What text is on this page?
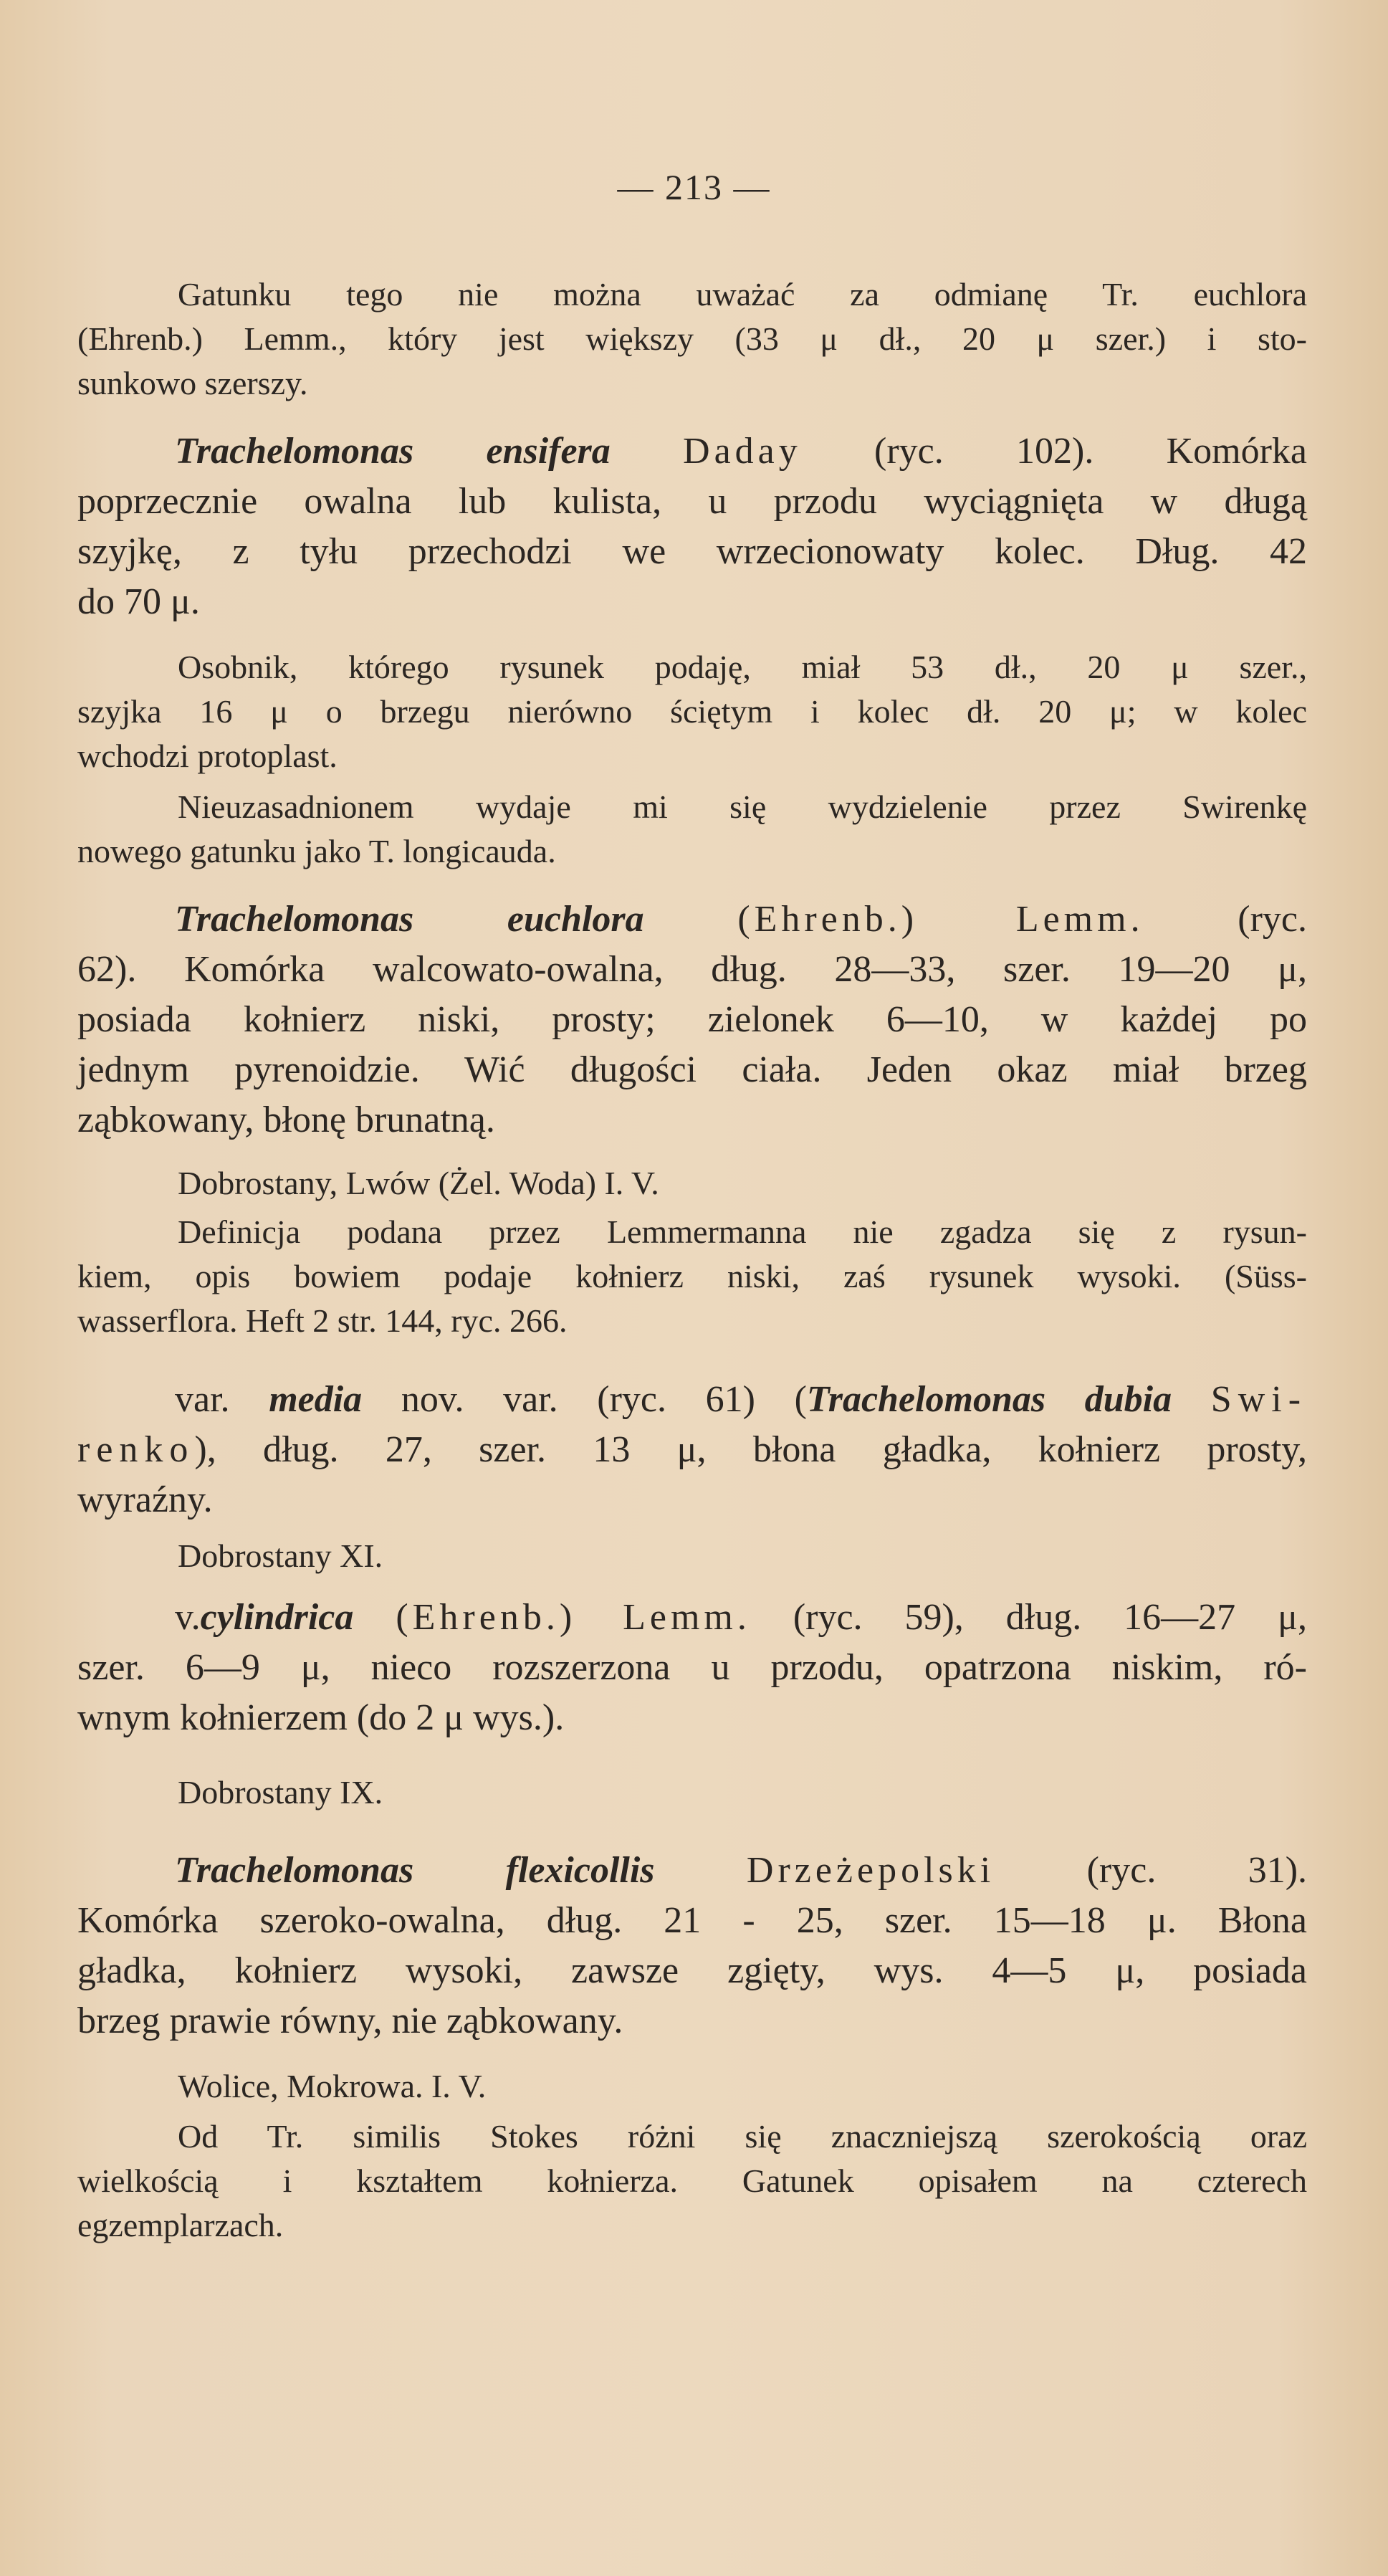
— 213 —
Gatunku tego nie można uważać za odmianę Tr. euchlora
(Ehrenb.) Lemm., który jest większy (33 μ dł., 20 μ szer.) i sto-
sunkowo szerszy.
Trachelomonas ensifera Daday (ryc. 102). Komórka
poprzecznie owalna lub kulista, u przodu wyciągnięta w długą
szyjkę, z tyłu przechodzi we wrzecionowaty kolec. Dług. 42
do 70 μ.
Osobnik, którego rysunek podaję, miał 53 dł., 20 μ szer.,
szyjka 16 μ o brzegu nierówno ściętym i kolec dł. 20 μ; w kolec
wchodzi protoplast.
Nieuzasadnionem wydaje mi się wydzielenie przez Swirenkę
nowego gatunku jako T. longicauda.
Trachelomonas euchlora	(Ehrenb.) Lemm.	(ryc.
62). Komórka walcowato-owalna, dług. 28—33, szer. 19—20 μ,
posiada kołnierz niski, prosty; zielonek 6—10, w każdej po
jednym pyrenoidzie. Wić długości ciała. Jeden okaz miał brzeg
ząbkowany, błonę brunatną.
Dobrostany, Lwów (Żel. Woda) I. V.
Definicja podana przez Lemmermanna nie zgadza się z rysun-
kiem, opis bowiem podaje kołnierz niski, zaś rysunek wysoki. (Süss-
wasserflora. Heft 2 str. 144, ryc. 266.
var. media nov. var. (ryc. 61) (Trachelomonas dubia Swi-
renko), dług. 27, szer. 13 μ, błona gładka, kołnierz prosty,
wyraźny.
Dobrostany XI.
v.cylindrica (Ehrenb.) Lemm. (ryc. 59), dług. 16—27 μ,
szer. 6—9 μ, nieco rozszerzona u przodu, opatrzona niskim, ró-
wnym kołnierzem (do 2 μ wys.).
Dobrostany IX.
Trachelomonas flexicollis Drzeżepolski (ryc. 31).
Komórka szeroko-owalna, dług. 21 - 25, szer. 15—18 μ. Błona
gładka, kołnierz wysoki, zawsze zgięty, wys. 4—5 μ, posiada
brzeg prawie równy, nie ząbkowany.
Wolice, Mokrowa. I. V.
Od Tr. similis Stokes różni się znaczniejszą szerokością oraz
wielkością i kształtem kołnierza. Gatunek opisałem na czterech
egzemplarzach.
